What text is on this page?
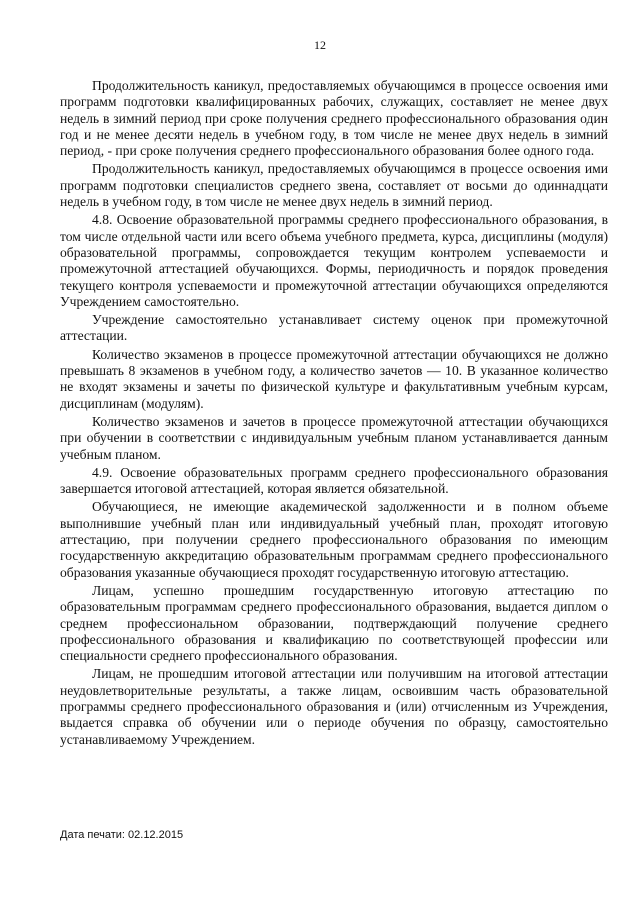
12

Продолжительность каникул, предоставляемых обучающимся в процессе освоения ими программ подготовки квалифицированных рабочих, служащих, составляет не менее двух недель в зимний период при сроке получения среднего профессионального образования один год и не менее десяти недель в учебном году, в том числе не менее двух недель в зимний период, - при сроке получения среднего профессионального образования более одного года.

Продолжительность каникул, предоставляемых обучающимся в процессе освоения ими программ подготовки специалистов среднего звена, составляет от восьми до одиннадцати недель в учебном году, в том числе не менее двух недель в зимний период.

4.8. Освоение образовательной программы среднего профессионального образования, в том числе отдельной части или всего объема учебного предмета, курса, дисциплины (модуля) образовательной программы, сопровождается текущим контролем успеваемости и промежуточной аттестацией обучающихся. Формы, периодичность и порядок проведения текущего контроля успеваемости и промежуточной аттестации обучающихся определяются Учреждением самостоятельно.

Учреждение самостоятельно устанавливает систему оценок при промежуточной аттестации.

Количество экзаменов в процессе промежуточной аттестации обучающихся не должно превышать 8 экзаменов в учебном году, а количество зачетов — 10. В указанное количество не входят экзамены и зачеты по физической культуре и факультативным учебным курсам, дисциплинам (модулям).

Количество экзаменов и зачетов в процессе промежуточной аттестации обучающихся при обучении в соответствии с индивидуальным учебным планом устанавливается данным учебным планом.

4.9. Освоение образовательных программ среднего профессионального образования завершается итоговой аттестацией, которая является обязательной.

Обучающиеся, не имеющие академической задолженности и в полном объеме выполнившие учебный план или индивидуальный учебный план, проходят итоговую аттестацию, при получении среднего профессионального образования по имеющим государственную аккредитацию образовательным программам среднего профессионального образования указанные обучающиеся проходят государственную итоговую аттестацию.

Лицам, успешно прошедшим государственную итоговую аттестацию по образовательным программам среднего профессионального образования, выдается диплом о среднем профессиональном образовании, подтверждающий получение среднего профессионального образования и квалификацию по соответствующей профессии или специальности среднего профессионального образования.

Лицам, не прошедшим итоговой аттестации или получившим на итоговой аттестации неудовлетворительные результаты, а также лицам, освоившим часть образовательной программы среднего профессионального образования и (или) отчисленным из Учреждения, выдается справка об обучении или о периоде обучения по образцу, самостоятельно устанавливаемому Учреждением.

Дата печати: 02.12.2015
